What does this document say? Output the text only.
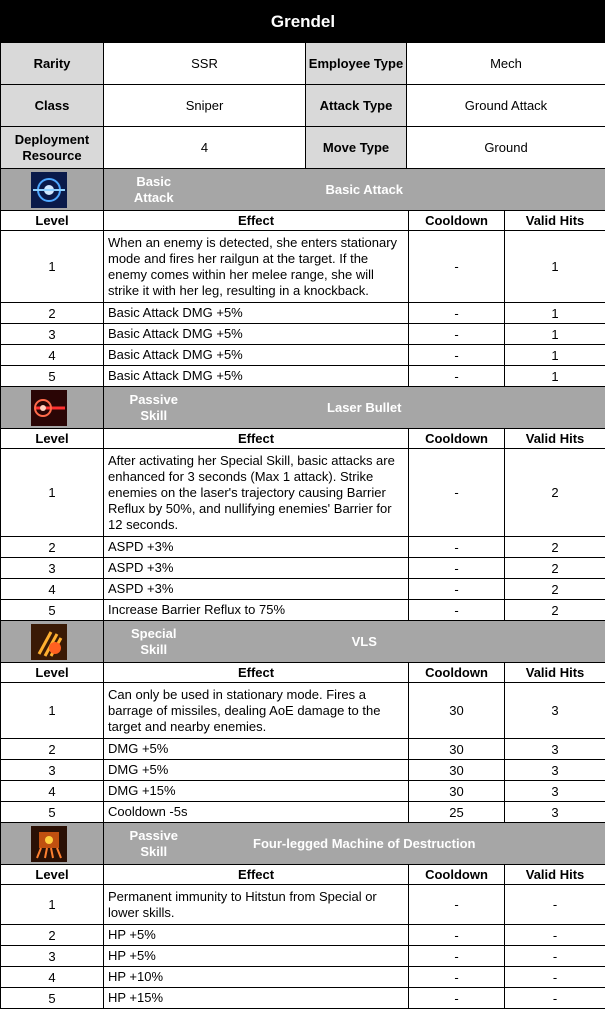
Grendel			
Rarity	SSR	Employee Type	Mech
Class	Sniper	Attack Type	Ground Attack
Deployment Resource	4	Move Type	Ground

Basic Attack	Basic Attack		
Level	Effect		Cooldown	Valid Hits
1	When an enemy is detected, she enters stationary mode and fires her railgun at the target. If the enemy comes within her melee range, she will strike it with her leg, resulting in a knockback.		-	1
2	Basic Attack DMG +5%		-	1
3	Basic Attack DMG +5%		-	1
4	Basic Attack DMG +5%		-	1
5	Basic Attack DMG +5%		-	1

Passive Skill	Laser Bullet		
Level	Effect		Cooldown	Valid Hits
1	After activating her Special Skill, basic attacks are enhanced for 3 seconds (Max 1 attack). Strike enemies on the laser's trajectory causing Barrier Reflux by 50%, and nullifying enemies' Barrier for 12 seconds.		-	2
2	ASPD +3%		-	2
3	ASPD +3%		-	2
4	ASPD +3%		-	2
5	Increase Barrier Reflux to 75%		-	2

Special Skill	VLS		
Level	Effect		Cooldown	Valid Hits
1	Can only be used in stationary mode. Fires a barrage of missiles, dealing AoE damage to the target and nearby enemies.		30	3
2	DMG +5%		30	3
3	DMG +5%		30	3
4	DMG +15%		30	3
5	Cooldown -5s		25	3

Passive Skill	Four-legged Machine of Destruction		
Level	Effect		Cooldown	Valid Hits
1	Permanent immunity to Hitstun from Special or lower skills.		-	-
2	HP +5%		-	-
3	HP +5%		-	-
4	HP +10%		-	-
5	HP +15%		-	-
